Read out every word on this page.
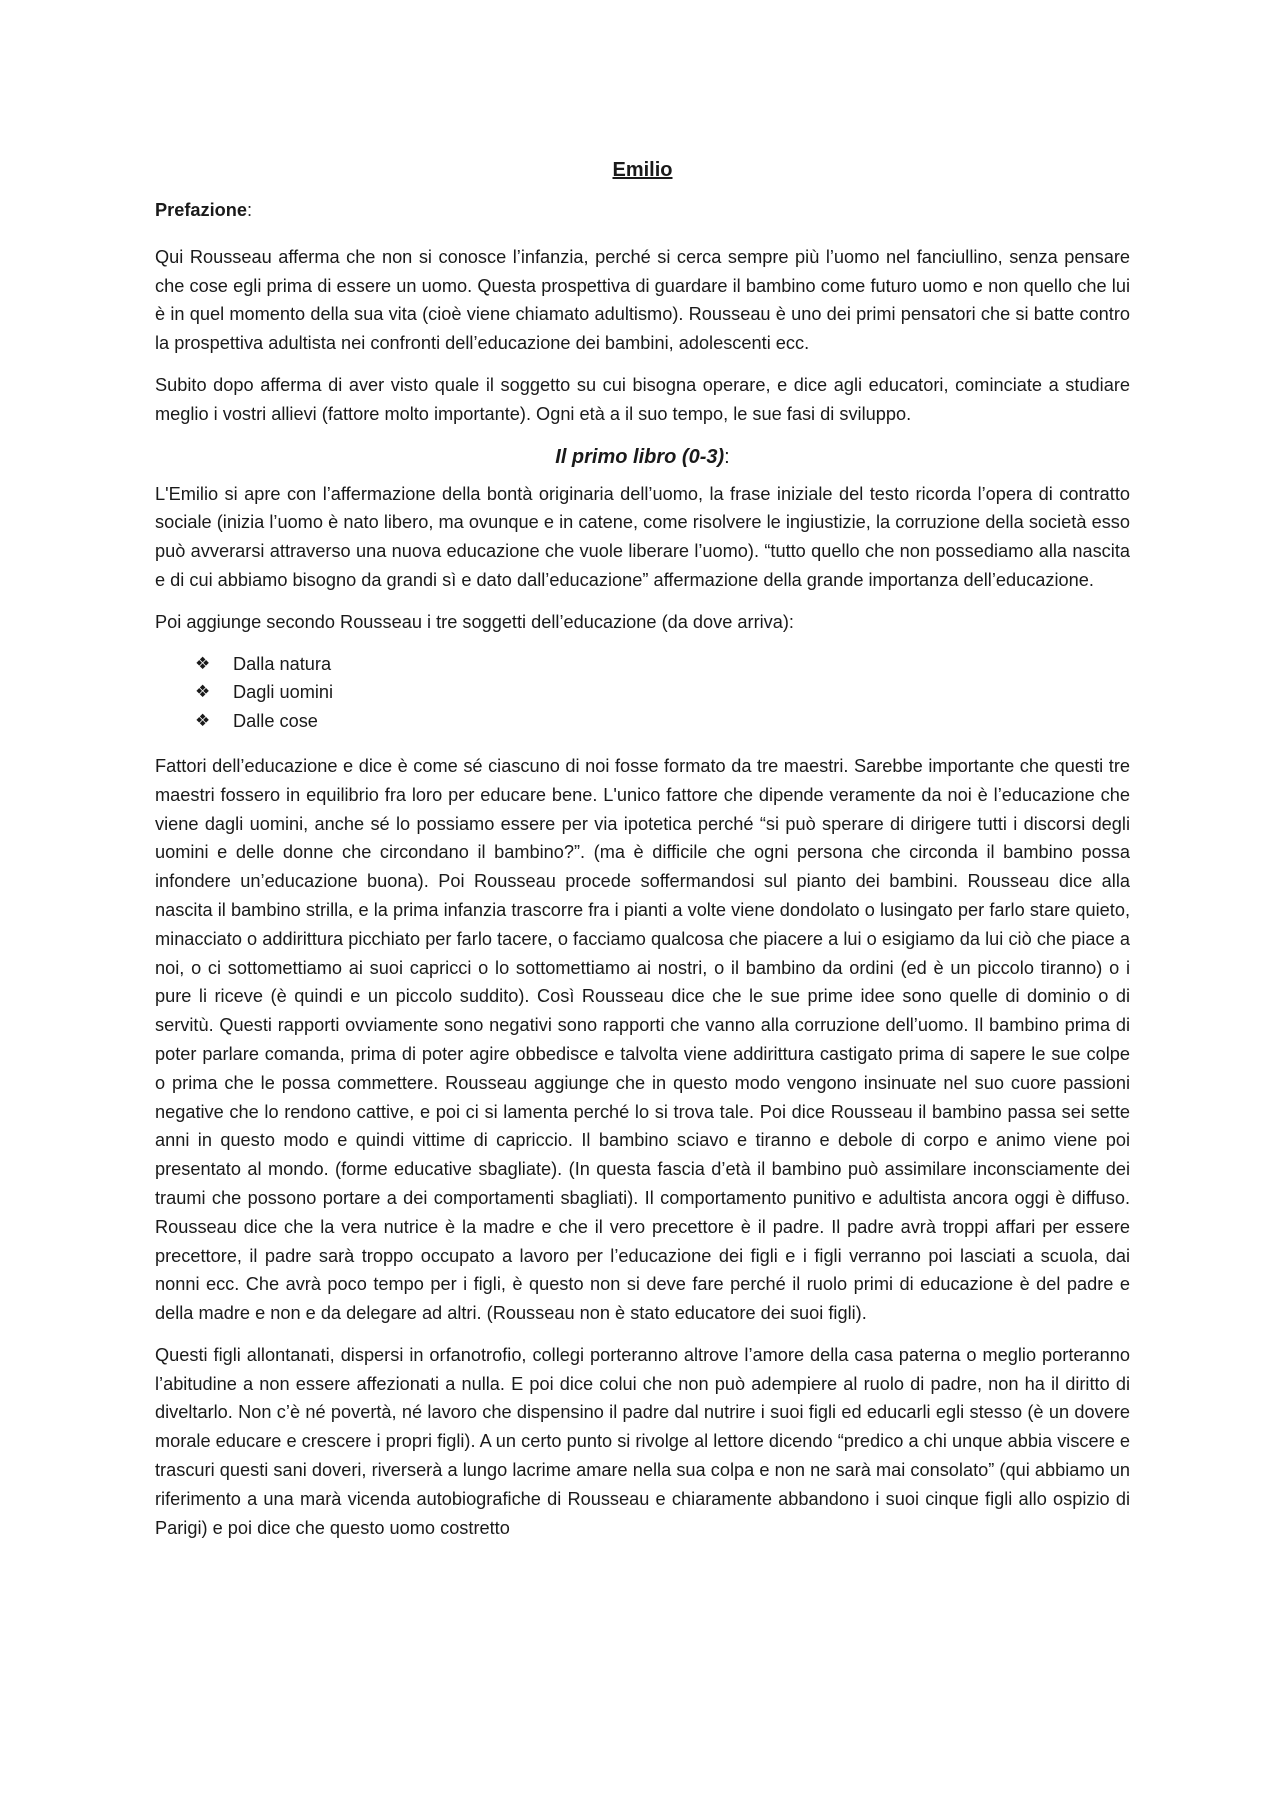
Emilio
Prefazione:

Qui Rousseau afferma che non si conosce l’infanzia, perché si cerca sempre più l’uomo nel fanciullino, senza pensare che cose egli prima di essere un uomo. Questa prospettiva di guardare il bambino come futuro uomo e non quello che lui è in quel momento della sua vita (cioè viene chiamato adultismo). Rousseau è uno dei primi pensatori che si batte contro la prospettiva adultista nei confronti dell’educazione dei bambini, adolescenti ecc.

Subito dopo afferma di aver visto quale il soggetto su cui bisogna operare, e dice agli educatori, cominciate a studiare meglio i vostri allievi (fattore molto importante). Ogni età a il suo tempo, le sue fasi di sviluppo.

Il primo libro (0-3):

L'Emilio si apre con l’affermazione della bontà originaria dell’uomo, la frase iniziale del testo ricorda l’opera di contratto sociale (inizia l’uomo è nato libero, ma ovunque e in catene, come risolvere le ingiustizie, la corruzione della società esso può avverarsi attraverso una nuova educazione che vuole liberare l’uomo). “tutto quello che non possediamo alla nascita e di cui abbiamo bisogno da grandi sì e dato dall’educazione” affermazione della grande importanza dell’educazione.

Poi aggiunge secondo Rousseau i tre soggetti dell’educazione (da dove arriva):

❖ Dalla natura
❖ Dagli uomini
❖ Dalle cose

Fattori dell’educazione e dice è come sé ciascuno di noi fosse formato da tre maestri. Sarebbe importante che questi tre maestri fossero in equilibrio fra loro per educare bene. L'unico fattore che dipende veramente da noi è l’educazione che viene dagli uomini, anche sé lo possiamo essere per via ipotetica perché “si può sperare di dirigere tutti i discorsi degli uomini e delle donne che circondano il bambino?”. (ma è difficile che ogni persona che circonda il bambino possa infondere un’educazione buona). Poi Rousseau procede soffermandosi sul pianto dei bambini. Rousseau dice alla nascita il bambino strilla, e la prima infanzia trascorre fra i pianti a volte viene dondolato o lusingato per farlo stare quieto, minacciato o addirittura picchiato per farlo tacere, o facciamo qualcosa che piacere a lui o esigiamo da lui ciò che piace a noi, o ci sottomettiamo ai suoi capricci o lo sottomettiamo ai nostri, o il bambino da ordini (ed è un piccolo tiranno) o i pure li riceve (è quindi e un piccolo suddito). Così Rousseau dice che le sue prime idee sono quelle di dominio o di servitù. Questi rapporti ovviamente sono negativi sono rapporti che vanno alla corruzione dell’uomo. Il bambino prima di poter parlare comanda, prima di poter agire obbedisce e talvolta viene addirittura castigato prima di sapere le sue colpe o prima che le possa commettere. Rousseau aggiunge che in questo modo vengono insinuate nel suo cuore passioni negative che lo rendono cattive, e poi ci si lamenta perché lo si trova tale. Poi dice Rousseau il bambino passa sei sette anni in questo modo e quindi vittime di capriccio. Il bambino sciavo e tiranno e debole di corpo e animo viene poi presentato al mondo. (forme educative sbagliate). (In questa fascia d’età il bambino può assimilare inconsciamente dei traumi che possono portare a dei comportamenti sbagliati). Il comportamento punitivo e adultista ancora oggi è diffuso. Rousseau dice che la vera nutrice è la madre e che il vero precettore è il padre. Il padre avrà troppi affari per essere precettore, il padre sarà troppo occupato a lavoro per l’educazione dei figli e i figli verranno poi lasciati a scuola, dai nonni ecc. Che avrà poco tempo per i figli, è questo non si deve fare perché il ruolo primi di educazione è del padre e della madre e non e da delegare ad altri. (Rousseau non è stato educatore dei suoi figli).

Questi figli allontanati, dispersi in orfanotrofio, collegi porteranno altrove l’amore della casa paterna o meglio porteranno l’abitudine a non essere affezionati a nulla. E poi dice colui che non può adempiere al ruolo di padre, non ha il diritto di diveltarlo. Non c’è né povertà, né lavoro che dispensino il padre dal nutrire i suoi figli ed educarli egli stesso (è un dovere morale educare e crescere i propri figli). A un certo punto si rivolge al lettore dicendo “predico a chi unque abbia viscere e trascuri questi sani doveri, riverserà a lungo lacrime amare nella sua colpa e non ne sarà mai consolato” (qui abbiamo un riferimento a una marà vicenda autobiografiche di Rousseau e chiaramente abbandono i suoi cinque figli allo ospizio di Parigi) e poi dice che questo uomo costretto
